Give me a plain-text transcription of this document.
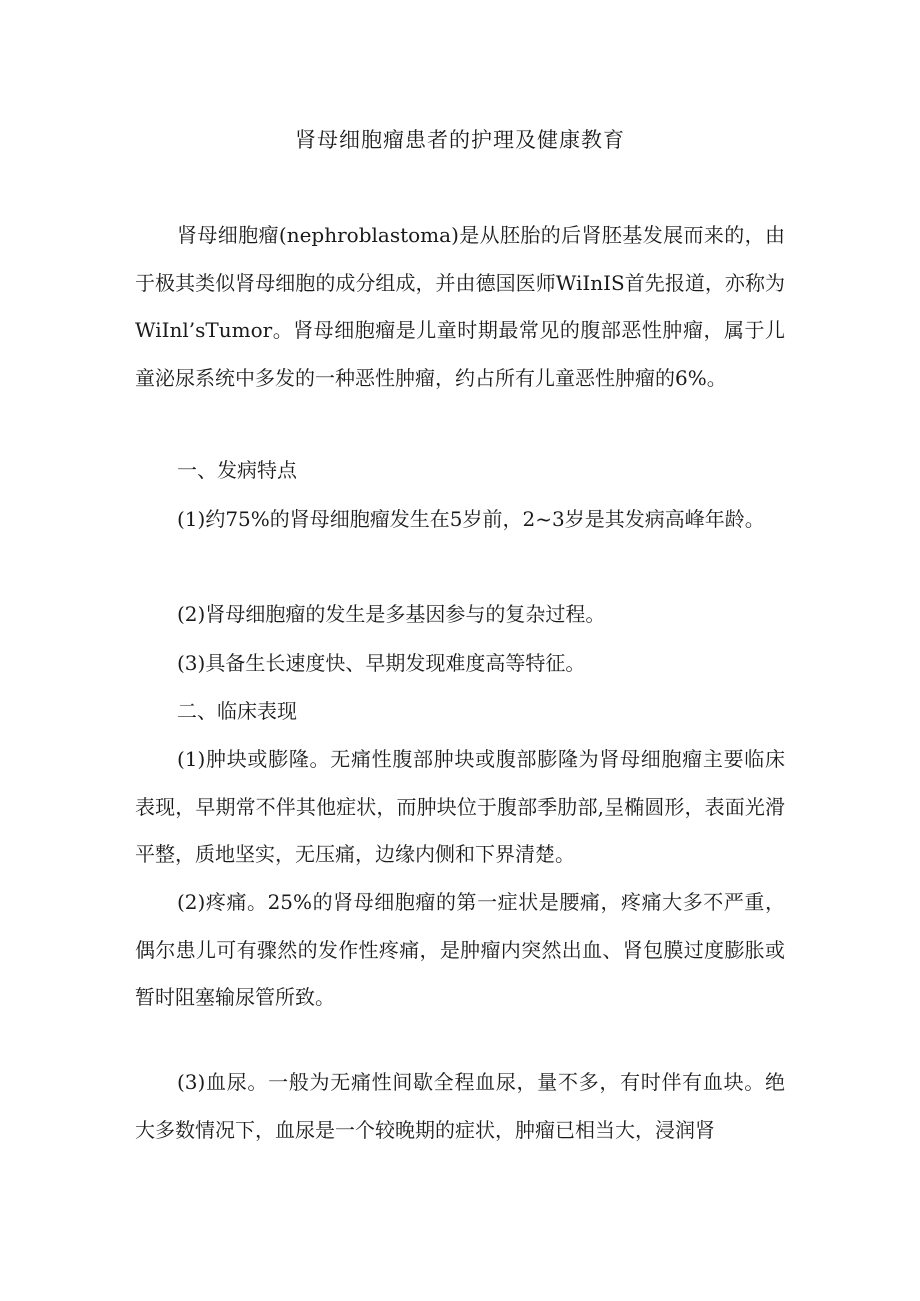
肾母细胞瘤患者的护理及健康教育
肾母细胞瘤(nephroblastoma)是从胚胎的后肾胚基发展而来的，由于极其类似肾母细胞的成分组成，并由德国医师WiInIS首先报道，亦称为WiInl’sTumor。肾母细胞瘤是儿童时期最常见的腹部恶性肿瘤，属于儿童泌尿系统中多发的一种恶性肿瘤，约占所有儿童恶性肿瘤的6%。
一、发病特点
(1)约75%的肾母细胞瘤发生在5岁前，2~3岁是其发病高峰年龄。
(2)肾母细胞瘤的发生是多基因参与的复杂过程。
(3)具备生长速度快、早期发现难度高等特征。
二、临床表现
(1)肿块或膨隆。无痛性腹部肿块或腹部膨隆为肾母细胞瘤主要临床表现，早期常不伴其他症状，而肿块位于腹部季肋部,呈椭圆形，表面光滑平整，质地坚实，无压痛，边缘内侧和下界清楚。
(2)疼痛。25%的肾母细胞瘤的第一症状是腰痛，疼痛大多不严重，偶尔患儿可有骤然的发作性疼痛，是肿瘤内突然出血、肾包膜过度膨胀或暂时阻塞输尿管所致。
(3)血尿。一般为无痛性间歇全程血尿，量不多，有时伴有血块。绝大多数情况下，血尿是一个较晚期的症状，肿瘤已相当大，浸润肾
